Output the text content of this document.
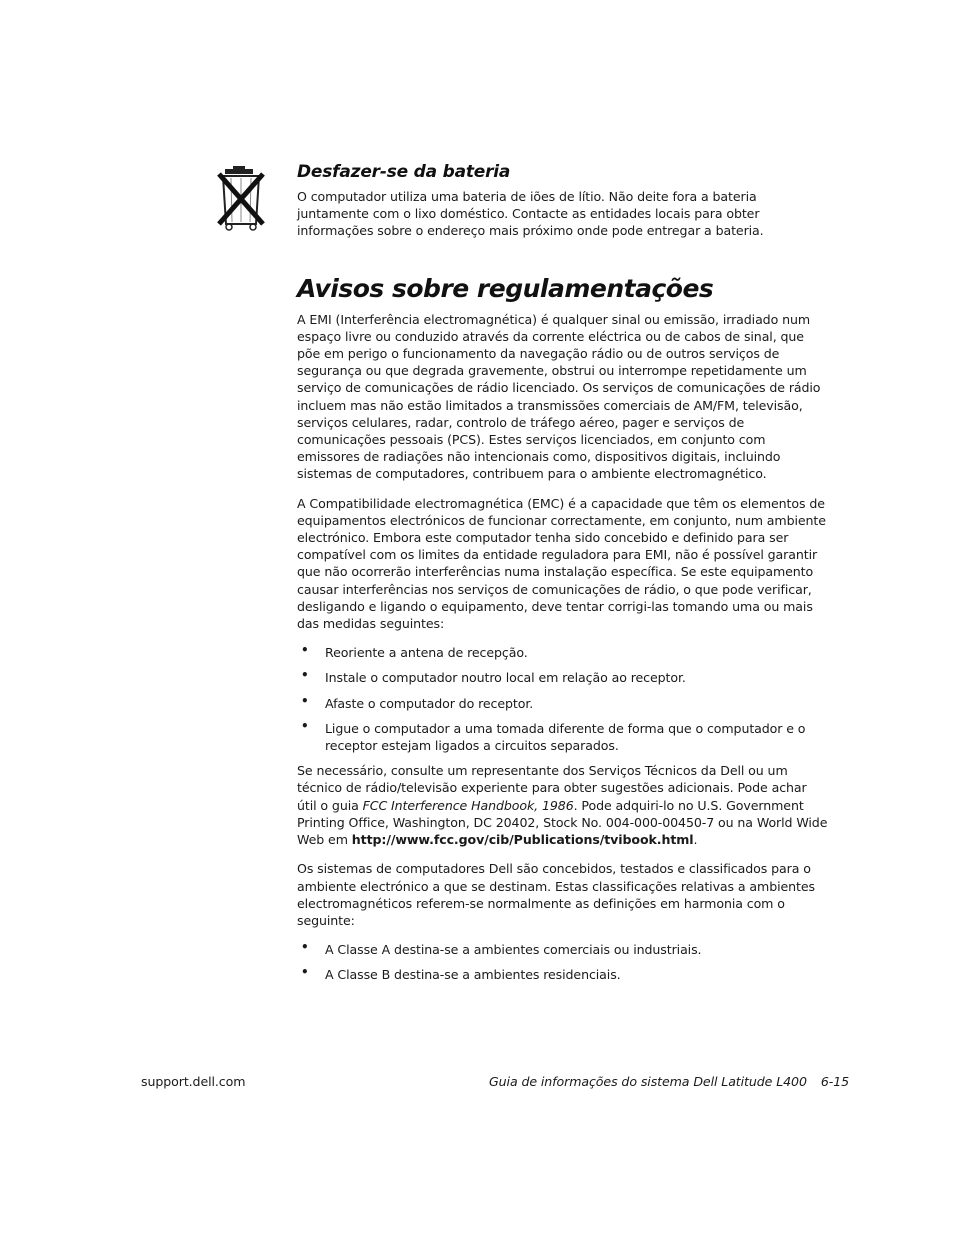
Desfazer-se da bateria

O computador utiliza uma bateria de iões de lítio. Não deite fora a bateria juntamente com o lixo doméstico. Contacte as entidades locais para obter informações sobre o endereço mais próximo onde pode entregar a bateria.

Avisos sobre regulamentações

A EMI (Interferência electromagnética) é qualquer sinal ou emissão, irradiado num espaço livre ou conduzido através da corrente eléctrica ou de cabos de sinal, que põe em perigo o funcionamento da navegação rádio ou de outros serviços de segurança ou que degrada gravemente, obstrui ou interrompe repetidamente um serviço de comunicações de rádio licenciado. Os serviços de comunicações de rádio incluem mas não estão limitados a transmissões comerciais de AM/FM, televisão, serviços celulares, radar, controlo de tráfego aéreo, pager e serviços de comunicações pessoais (PCS). Estes serviços licenciados, em conjunto com emissores de radiações não intencionais como, dispositivos digitais, incluindo sistemas de computadores, contribuem para o ambiente electromagnético.

A Compatibilidade electromagnética (EMC) é a capacidade que têm os elementos de equipamentos electrónicos de funcionar correctamente, em conjunto, num ambiente electrónico. Embora este computador tenha sido concebido e definido para ser compatível com os limites da entidade reguladora para EMI, não é possível garantir que não ocorrerão interferências numa instalação específica. Se este equipamento causar interferências nos serviços de comunicações de rádio, o que pode verificar, desligando e ligando o equipamento, deve tentar corrigi-las tomando uma ou mais das medidas seguintes:

• Reoriente a antena de recepção.
• Instale o computador noutro local em relação ao receptor.
• Afaste o computador do receptor.
• Ligue o computador a uma tomada diferente de forma que o computador e o receptor estejam ligados a circuitos separados.

Se necessário, consulte um representante dos Serviços Técnicos da Dell ou um técnico de rádio/televisão experiente para obter sugestões adicionais. Pode achar útil o guia FCC Interference Handbook, 1986. Pode adquiri-lo no U.S. Government Printing Office, Washington, DC 20402, Stock No. 004-000-00450-7 ou na World Wide Web em http://www.fcc.gov/cib/Publications/tvibook.html.

Os sistemas de computadores Dell são concebidos, testados e classificados para o ambiente electrónico a que se destinam. Estas classificações relativas a ambientes electromagnéticos referem-se normalmente as definições em harmonia com o seguinte:

• A Classe A destina-se a ambientes comerciais ou industriais.
• A Classe B destina-se a ambientes residenciais.
support.dell.com	Guia de informações do sistema Dell Latitude L400 6-15
